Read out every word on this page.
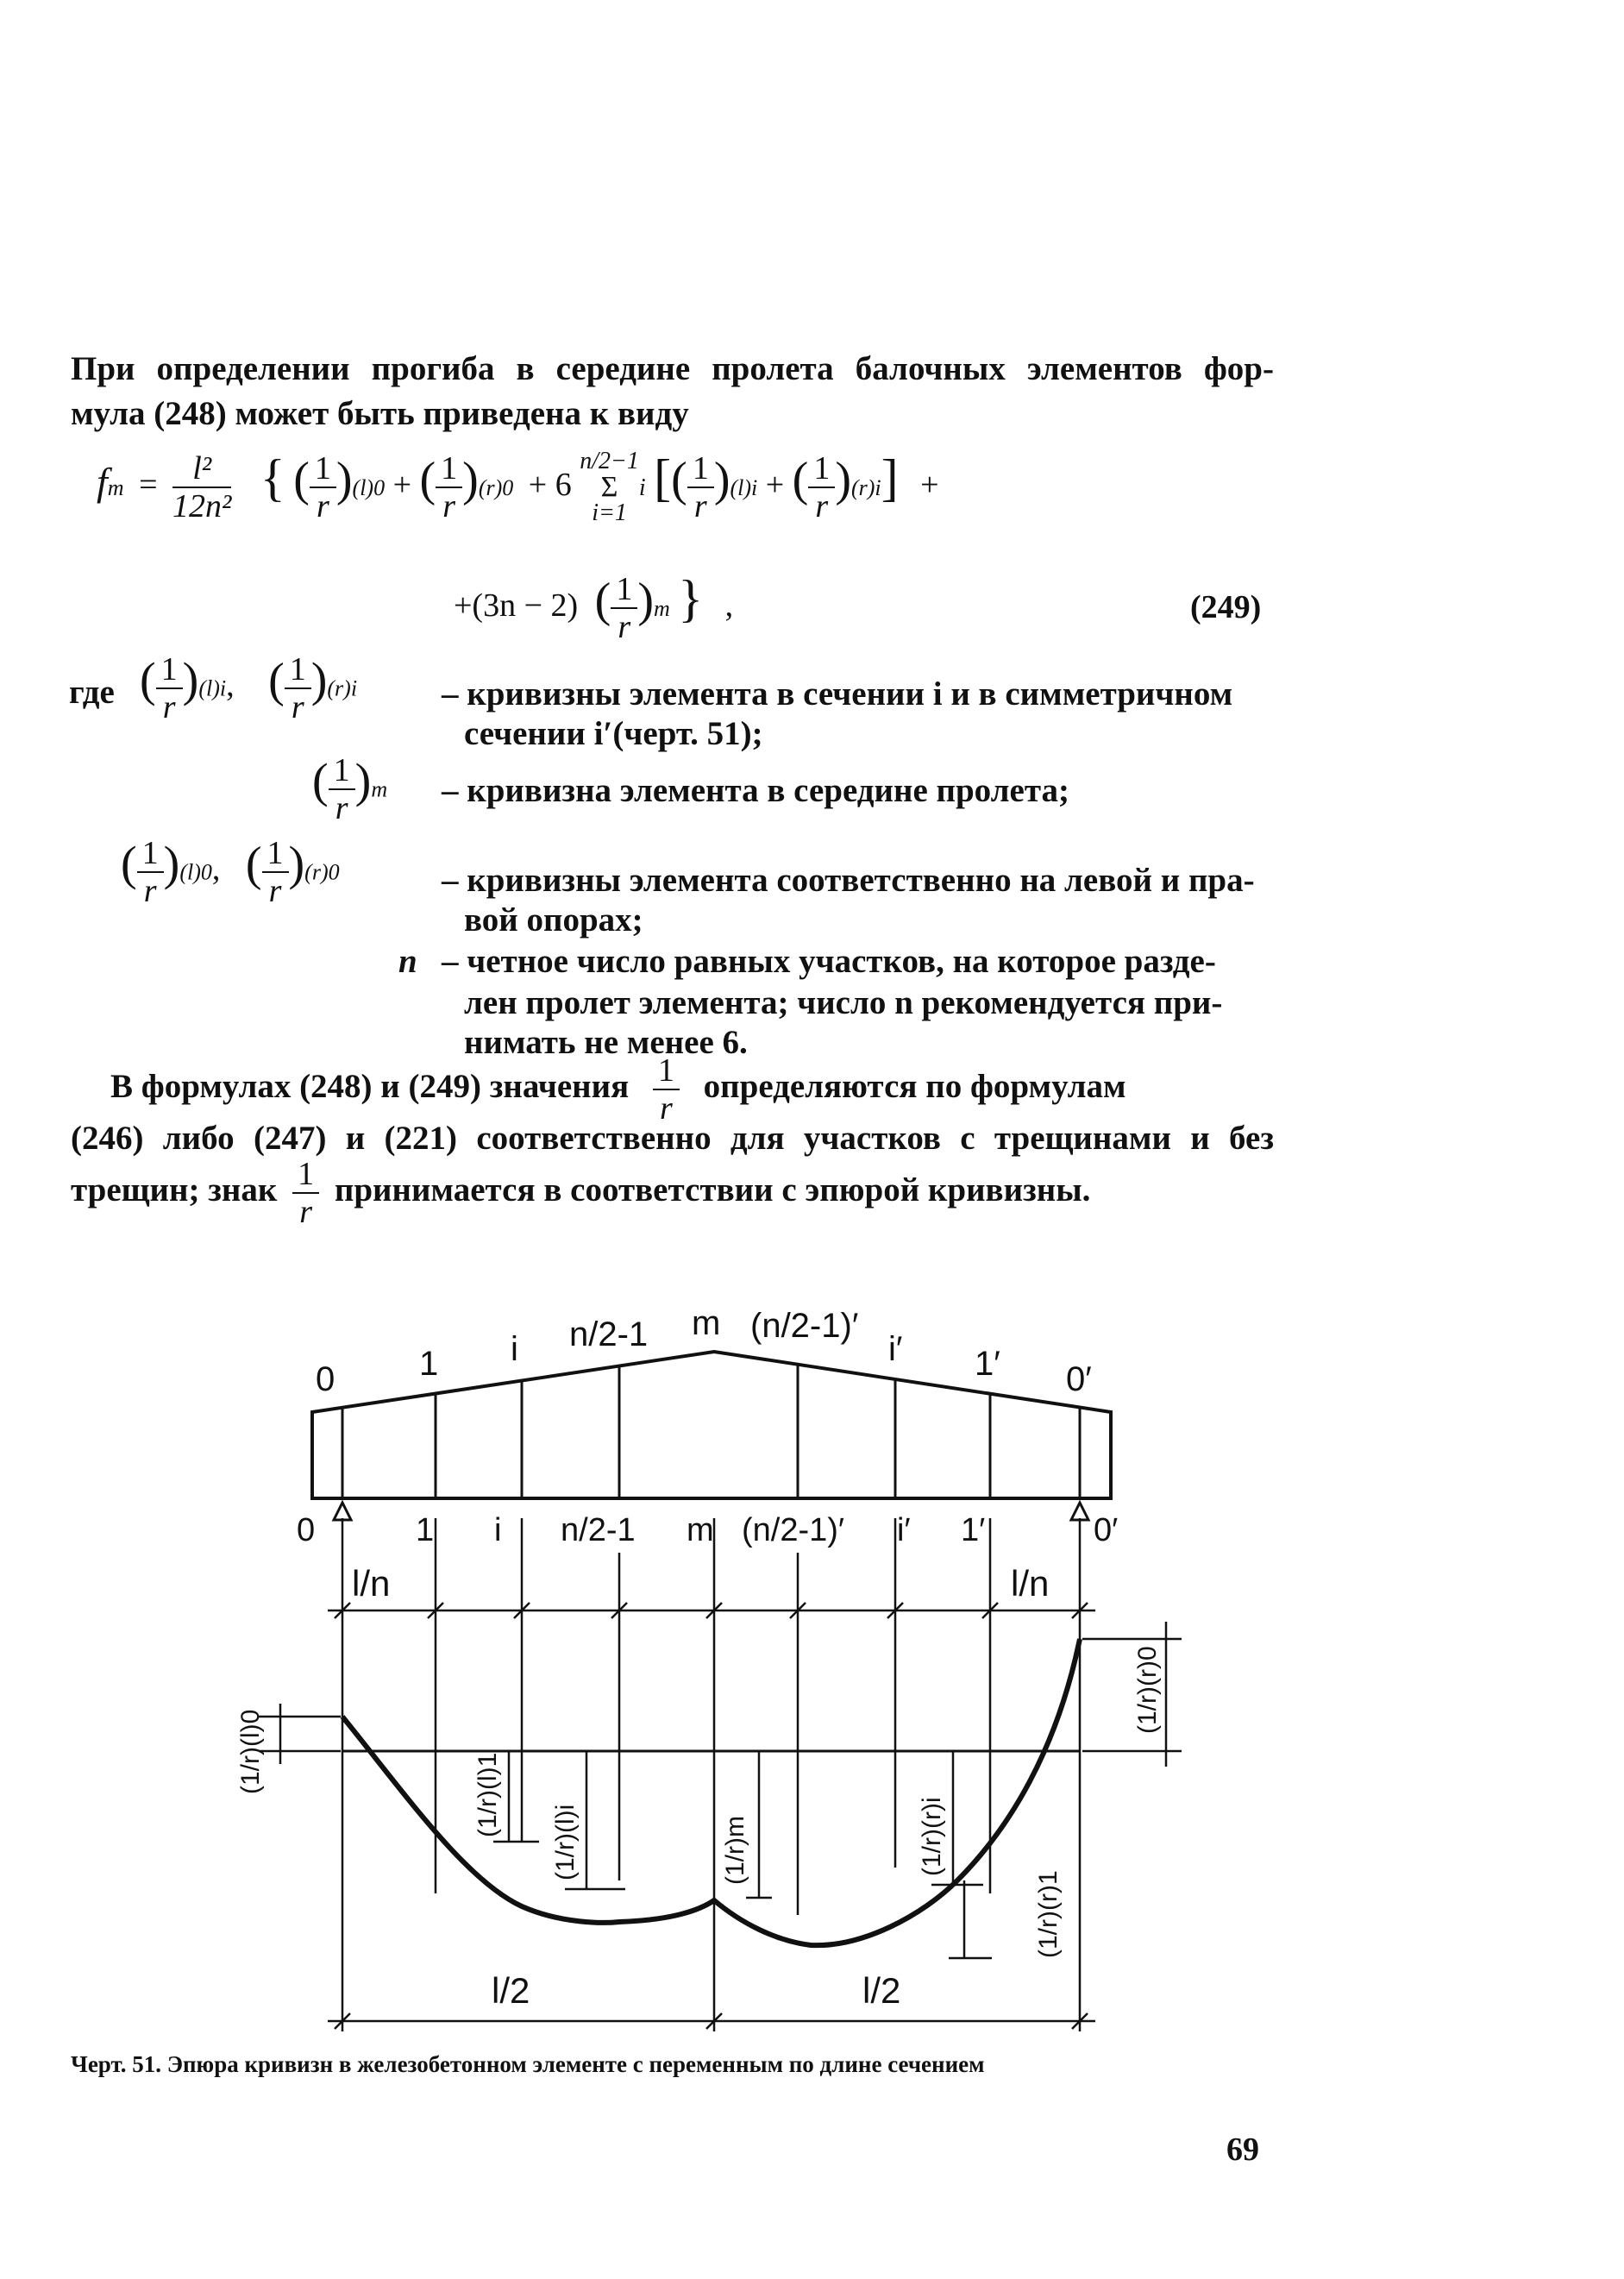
При определении прогиба в середине пролета балочных элементов фор-
мула (248) может быть приведена к виду
fm = $\frac{\text{l²}}{\text{12n²}}$ { ( $\frac{1}{r} )(l)0$ + ( $\frac{1}{r} )(r)0 + 6$
n/2−1
Σ
i=1
i [( $\frac{1}{r} )(l)i$ + ( $\frac{1}{r} )(r)i$] +
+(3n − 2) ( $\frac{1}{r} )m$ } ,	(249)
где ( $\frac{1}{r} )(l)i$, ( $\frac{1}{r} )(r)i$	– кривизны элемента в сечении i и в симметричном
сечении i′(черт. 51);
( $\frac{1}{r} )m$ – кривизна элемента в середине пролета;
( $\frac{1}{r} )(l)0$, ( $\frac{1}{r} )(r)0$	– кривизны элемента соответственно на левой и пра-
вой опорах;
n – четное число равных участков, на которое разде-
лен пролет элемента; число n рекомендуется при-
нимать не менее 6.
В формулах (248) и (249) значения $\frac{1}{r}$ определяются по формулам
(246) либо (247) и (221) соответственно для участков с трещинами и без
трещин; знак $\frac{1}{r}$ принимается в соответствии с эпюрой кривизны.
0 1 i n/2-1 m (n/2-1)′
i′ 1′ 0′
0	1 i n/2-1 m (n/2-1)′ i′ 1′	0′
l/n	l/n
l/2	l/2
(1/r)(l)0
(1/r)(l)1
(1/r)(l)i	(1/r)m	(1/r)(r)i
(1/r)(r)1
(1/r)(r)0
Черт. 51. Эпюра кривизн в железобетонном элементе с переменным по длине сечением
69
